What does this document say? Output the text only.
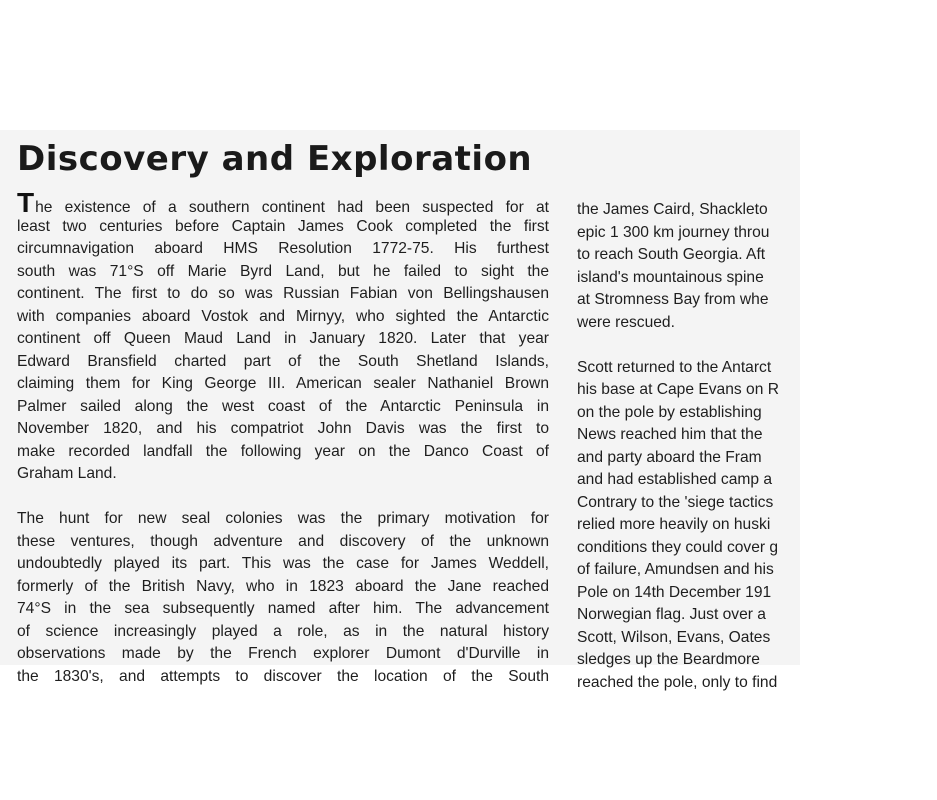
Discovery and Exploration
The existence of a southern continent had been suspected for at
least two centuries before Captain James Cook completed the first
circumnavigation aboard HMS Resolution 1772-75. His furthest
south was 71°S off Marie Byrd Land, but he failed to sight the
continent. The first to do so was Russian Fabian von Bellingshausen
with companies aboard Vostok and Mirnyy, who sighted the Antarctic
continent off Queen Maud Land in January 1820. Later that year
Edward Bransfield charted part of the South Shetland Islands,
claiming them for King George III. American sealer Nathaniel Brown
Palmer sailed along the west coast of the Antarctic Peninsula in
November 1820, and his compatriot John Davis was the first to
make recorded landfall the following year on the Danco Coast of
Graham Land.
The hunt for new seal colonies was the primary motivation for
these ventures, though adventure and discovery of the unknown
undoubtedly played its part. This was the case for James Weddell,
formerly of the British Navy, who in 1823 aboard the Jane reached
74°S in the sea subsequently named after him. The advancement
of science increasingly played a role, as in the natural history
observations made by the French explorer Dumont d'Durville in
the 1830's, and attempts to discover the location of the South
the James Caird, Shackleto
epic 1 300 km journey throu
to reach South Georgia. Aft
island's mountainous spine
at Stromness Bay from whe
were rescued.
Scott returned to the Antarct
his base at Cape Evans on R
on the pole by establishing
News reached him that the
and party aboard the Fram
and had established camp a
Contrary to the 'siege tactics
relied more heavily on huski
conditions they could cover g
of failure, Amundsen and his
Pole on 14th December 191
Norwegian flag. Just over a
Scott, Wilson, Evans, Oates
sledges up the Beardmore
reached the pole, only to find
